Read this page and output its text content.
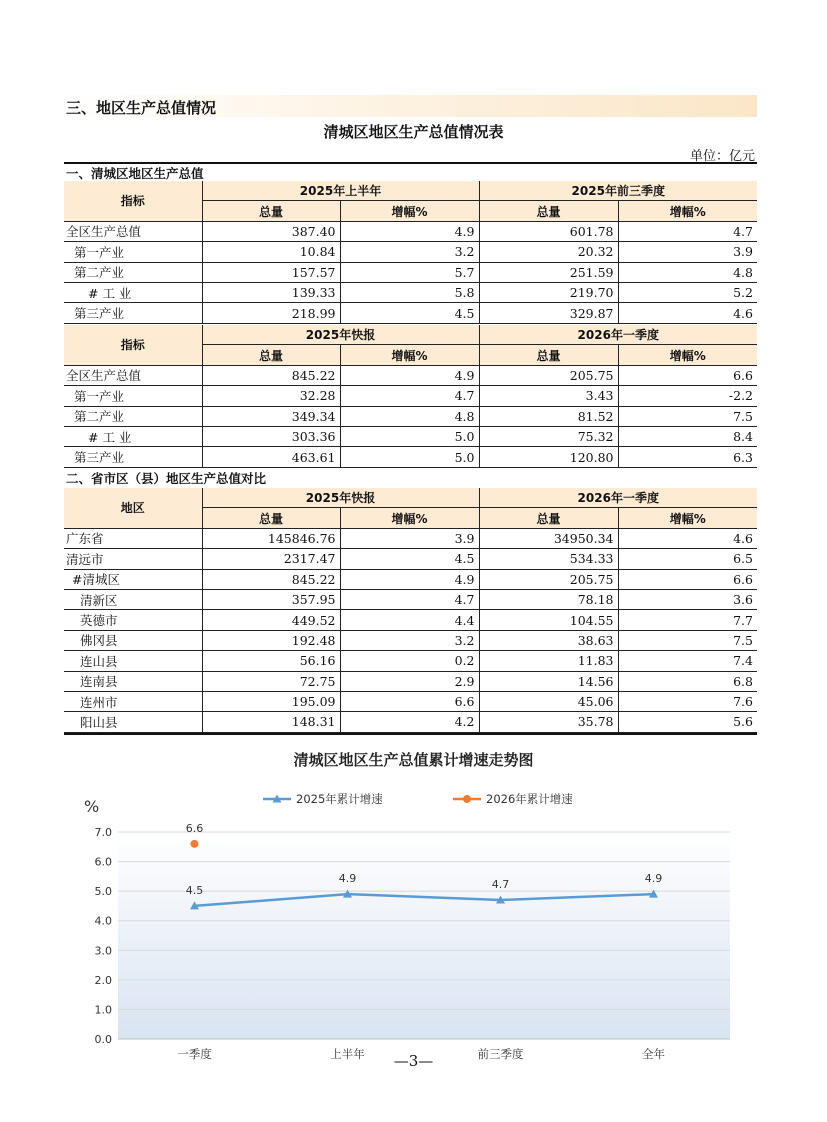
三、地区生产总值情况
清城区地区生产总值情况表
单位：亿元
一、清城区地区生产总值
指标	2025年上半年		2025年前三季度	
	总量	增幅%	总量	增幅%
全区生产总值	387.40	4.9	601.78	4.7
第一产业	10.84	3.2	20.32	3.9
第二产业	157.57	5.7	251.59	4.8
# 工 业	139.33	5.8	219.70	5.2
第三产业	218.99	4.5	329.87	4.6
指标	2025年快报		2026年一季度	
	总量	增幅%	总量	增幅%
全区生产总值	845.22	4.9	205.75	6.6
第一产业	32.28	4.7	3.43	-2.2
第二产业	349.34	4.8	81.52	7.5
# 工 业	303.36	5.0	75.32	8.4
第三产业	463.61	5.0	120.80	6.3
二、省市区（县）地区生产总值对比
地区	2025年快报		2026年一季度	
	总量	增幅%	总量	增幅%
广东省	145846.76	3.9	34950.34	4.6
清远市	2317.47	4.5	534.33	6.5
#清城区	845.22	4.9	205.75	6.6
清新区	357.95	4.7	78.18	3.6
英德市	449.52	4.4	104.55	7.7
佛冈县	192.48	3.2	38.63	7.5
连山县	56.16	0.2	11.83	7.4
连南县	72.75	2.9	14.56	6.8
连州市	195.09	6.6	45.06	7.6
阳山县	148.31	4.2	35.78	5.6
清城区地区生产总值累计增速走势图
0.0
1.0
2.0
3.0
4.0
5.0
6.0
7.0
一季度	上半年	前三季度	全年
4.5
4.9	4.7	4.9
6.6
2025年累计增速	2026年累计增速
%
—3—
